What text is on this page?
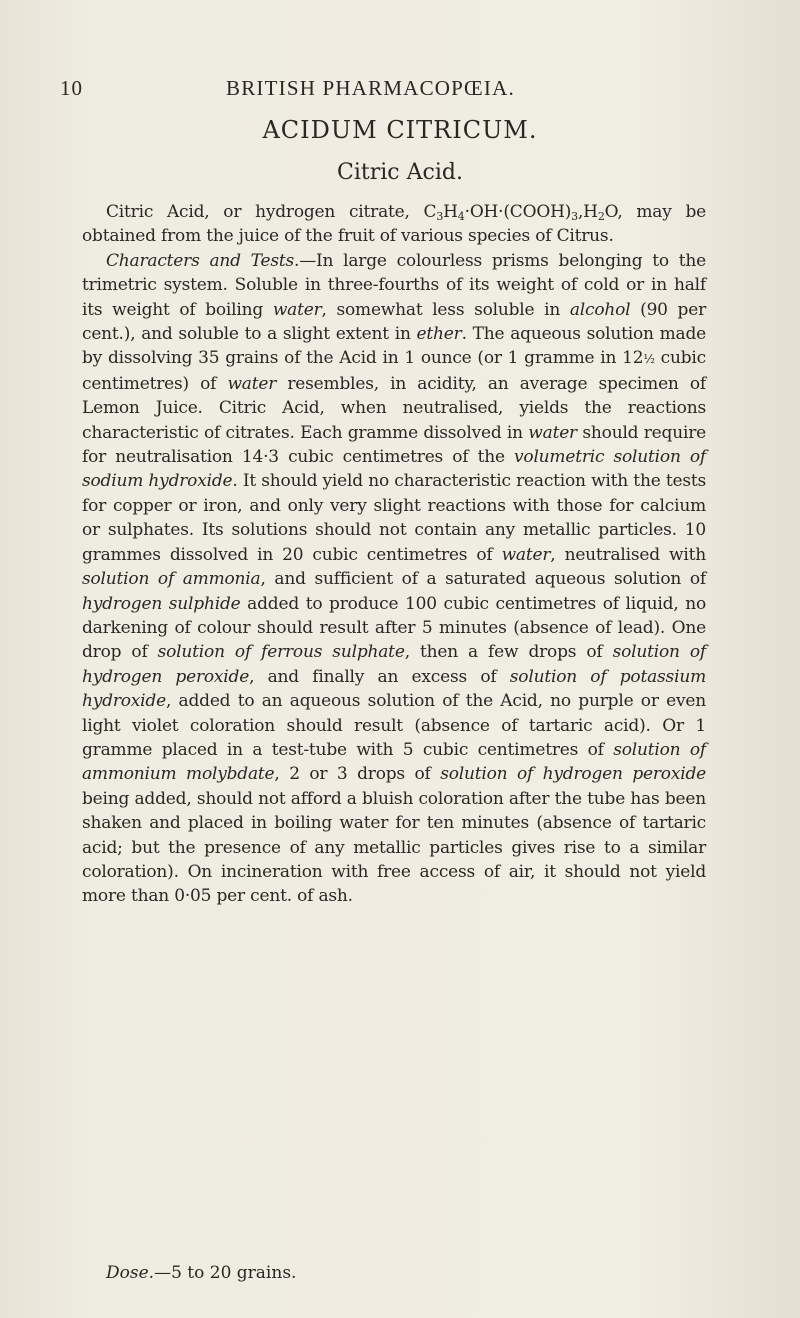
10	BRITISH PHARMACOPŒIA.
ACIDUM CITRICUM.
Citric Acid.

Citric Acid, or hydrogen citrate, $C_3H_4\cdot OH\cdot(COOH)_3,H_2O$, may be obtained from the juice of the fruit of various species of Citrus.

Characters and Tests.—In large colourless prisms belonging to the trimetric system. Soluble in three-fourths of its weight of cold or in half its weight of boiling water, somewhat less soluble in alcohol (90 per cent.), and soluble to a slight extent in ether. The aqueous solution made by dissolving 35 grains of the Acid in 1 ounce (or 1 gramme in 12½ cubic centimetres) of water resembles, in acidity, an average specimen of Lemon Juice. Citric Acid, when neutralised, yields the reactions characteristic of citrates. Each gramme dissolved in water should require for neutralisation 14·3 cubic centimetres of the volumetric solution of sodium hydroxide. It should yield no characteristic reaction with the tests for copper or iron, and only very slight reactions with those for calcium or sulphates. Its solutions should not contain any metallic particles. 10 grammes dissolved in 20 cubic centimetres of water, neutralised with solution of ammonia, and sufficient of a saturated aqueous solution of hydrogen sulphide added to produce 100 cubic centimetres of liquid, no darkening of colour should result after 5 minutes (absence of lead). One drop of solution of ferrous sulphate, then a few drops of solution of hydrogen peroxide, and finally an excess of solution of potassium hydroxide, added to an aqueous solution of the Acid, no purple or even light violet coloration should result (absence of tartaric acid). Or 1 gramme placed in a test-tube with 5 cubic centimetres of solution of ammonium molybdate, 2 or 3 drops of solution of hydrogen peroxide being added, should not afford a bluish coloration after the tube has been shaken and placed in boiling water for ten minutes (absence of tartaric acid; but the presence of any metallic particles gives rise to a similar coloration). On incineration with free access of air, it should not yield more than 0·05 per cent. of ash.

Dose.—5 to 20 grains.
